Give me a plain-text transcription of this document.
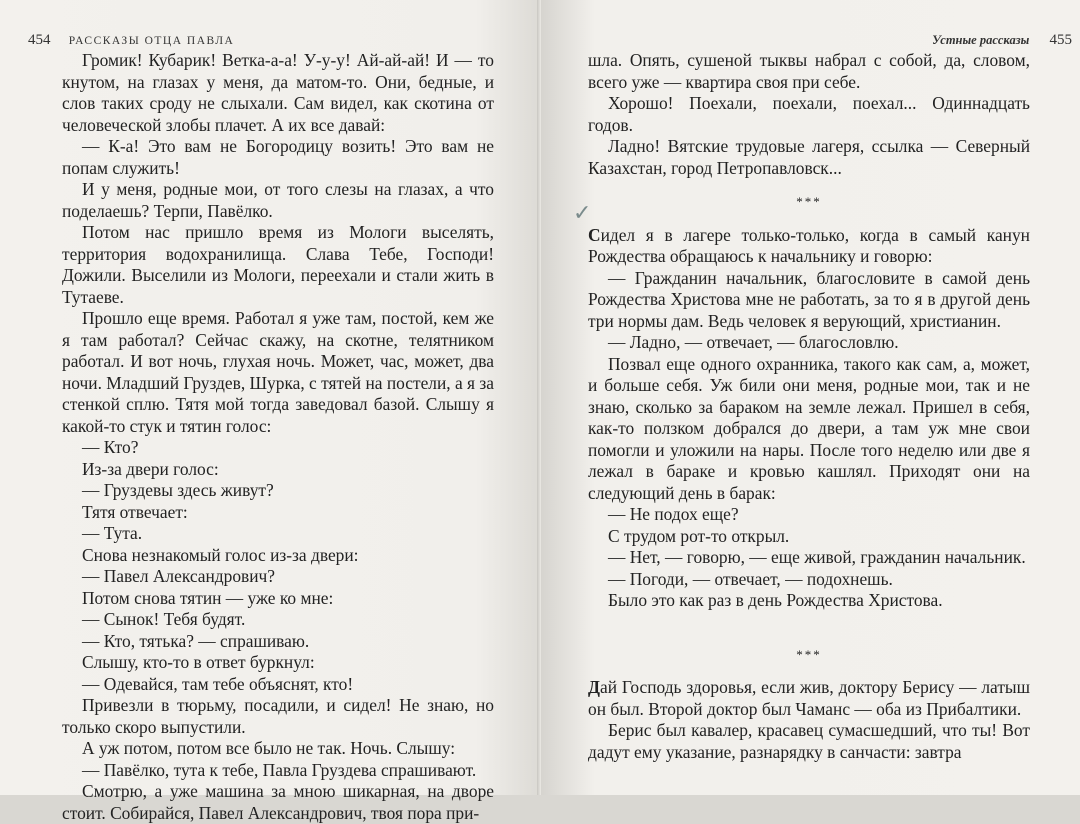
454 РАССКАЗЫ ОТЦА ПАВЛА

Громик! Кубарик! Ветка-а-а! У-у-у! Ай-ай-ай! И — то кнутом, на глазах у меня, да матом-то. Они, бедные, и слов таких сроду не слыхали. Сам видел, как скотина от человеческой злобы плачет. А их все давай:

— К-а! Это вам не Богородицу возить! Это вам не попам служить!

И у меня, родные мои, от того слезы на глазах, а что поделаешь? Терпи, Павёлко.

Потом нас пришло время из Мологи выселять, территория водохранилища. Слава Тебе, Господи! Дожили. Выселили из Мологи, переехали и стали жить в Тутаеве.

Прошло еще время. Работал я уже там, постой, кем же я там работал? Сейчас скажу, на скотне, телятником работал. И вот ночь, глухая ночь. Может, час, может, два ночи. Младший Груздев, Шурка, с тятей на постели, а я за стенкой сплю. Тятя мой тогда заведовал базой. Слышу я какой-то стук и тятин голос:

— Кто?

Из-за двери голос:

— Груздевы здесь живут?

Тятя отвечает:

— Тута.

Снова незнакомый голос из-за двери:

— Павел Александрович?

Потом снова тятин — уже ко мне:

— Сынок! Тебя будят.

— Кто, тятька? — спрашиваю.

Слышу, кто-то в ответ буркнул:

— Одевайся, там тебе объяснят, кто!

Привезли в тюрьму, посадили, и сидел! Не знаю, но только скоро выпустили.

А уж потом, потом все было не так. Ночь. Слышу:

— Павёлко, тута к тебе, Павла Груздева спрашивают.

Смотрю, а уже машина за мною шикарная, на дворе стоит. Собирайся, Павел Александрович, твоя пора при-

Устные рассказы 455
✓

шла. Опять, сушеной тыквы набрал с собой, да, словом, всего уже — квартира своя при себе.

Хорошо! Поехали, поехали, поехал... Одиннадцать годов.

Ладно! Вятские трудовые лагеря, ссылка — Северный Казахстан, город Петропавловск...

***

Сидел я в лагере только-только, когда в самый канун Рождества обращаюсь к начальнику и говорю:

— Гражданин начальник, благословите в самой день Рождества Христова мне не работать, за то я в другой день три нормы дам. Ведь человек я верующий, христианин.

— Ладно, — отвечает, — благословлю.

Позвал еще одного охранника, такого как сам, а, может, и больше себя. Уж били они меня, родные мои, так и не знаю, сколько за бараком на земле лежал. Пришел в себя, как-то ползком добрался до двери, а там уж мне свои помогли и уложили на нары. После того неделю или две я лежал в бараке и кровью кашлял. Приходят они на следующий день в барак:

— Не подох еще?

С трудом рот-то открыл.

— Нет, — говорю, — еще живой, гражданин начальник.

— Погоди, — отвечает, — подохнешь.

Было это как раз в день Рождества Христова.

***

Дай Господь здоровья, если жив, доктору Берису — латыш он был. Второй доктор был Чаманс — оба из Прибалтики.

Берис был кавалер, красавец сумасшедший, что ты! Вот дадут ему указание, разнарядку в санчасти: завтра
